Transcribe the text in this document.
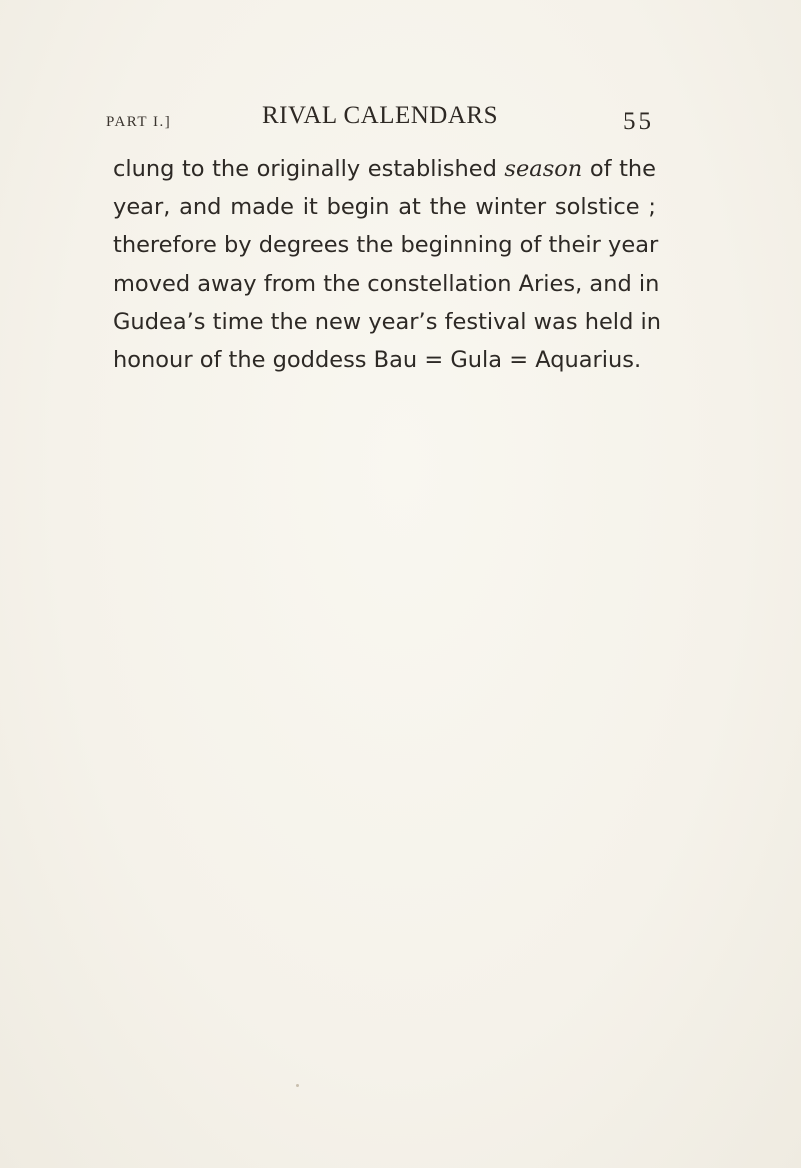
PART I.]	RIVAL CALENDARS	55
clung to the originally established season of the
year, and made it begin at the winter solstice ;
therefore by degrees the beginning of their year
moved away from the constellation Aries, and in
Gudea’s time the new year’s festival was held in
honour of the goddess Bau = Gula = Aquarius.
